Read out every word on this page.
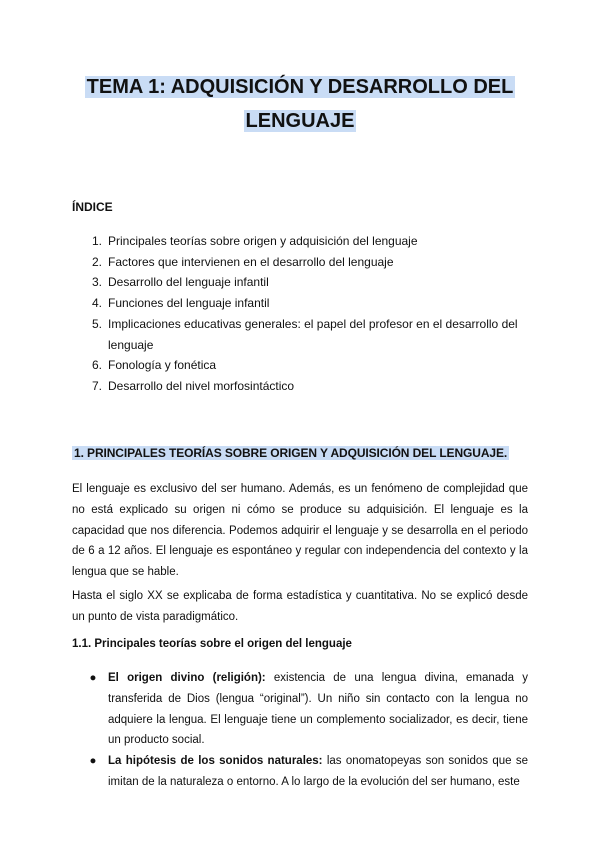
TEMA 1: ADQUISICIÓN Y DESARROLLO DEL
LENGUAJE
ÍNDICE
1. Principales teorías sobre origen y adquisición del lenguaje
2. Factores que intervienen en el desarrollo del lenguaje
3. Desarrollo del lenguaje infantil
4. Funciones del lenguaje infantil
5. Implicaciones educativas generales: el papel del profesor en el desarrollo del lenguaje
6. Fonología y fonética
7. Desarrollo del nivel morfosintáctico
1. PRINCIPALES TEORÍAS SOBRE ORIGEN Y ADQUISICIÓN DEL LENGUAJE.

El lenguaje es exclusivo del ser humano. Además, es un fenómeno de complejidad que no está explicado su origen ni cómo se produce su adquisición. El lenguaje es la capacidad que nos diferencia. Podemos adquirir el lenguaje y se desarrolla en el periodo de 6 a 12 años. El lenguaje es espontáneo y regular con independencia del contexto y la lengua que se hable.

Hasta el siglo XX se explicaba de forma estadística y cuantitativa. No se explicó desde un punto de vista paradigmático.

1.1. Principales teorías sobre el origen del lenguaje
●	El origen divino (religión): existencia de una lengua divina, emanada y transferida de Dios (lengua “original”). Un niño sin contacto con la lengua no adquiere la lengua. El lenguaje tiene un complemento socializador, es decir, tiene un producto social.
●	La hipótesis de los sonidos naturales: las onomatopeyas son sonidos que se imitan de la naturaleza o entorno. A lo largo de la evolución del ser humano, este
